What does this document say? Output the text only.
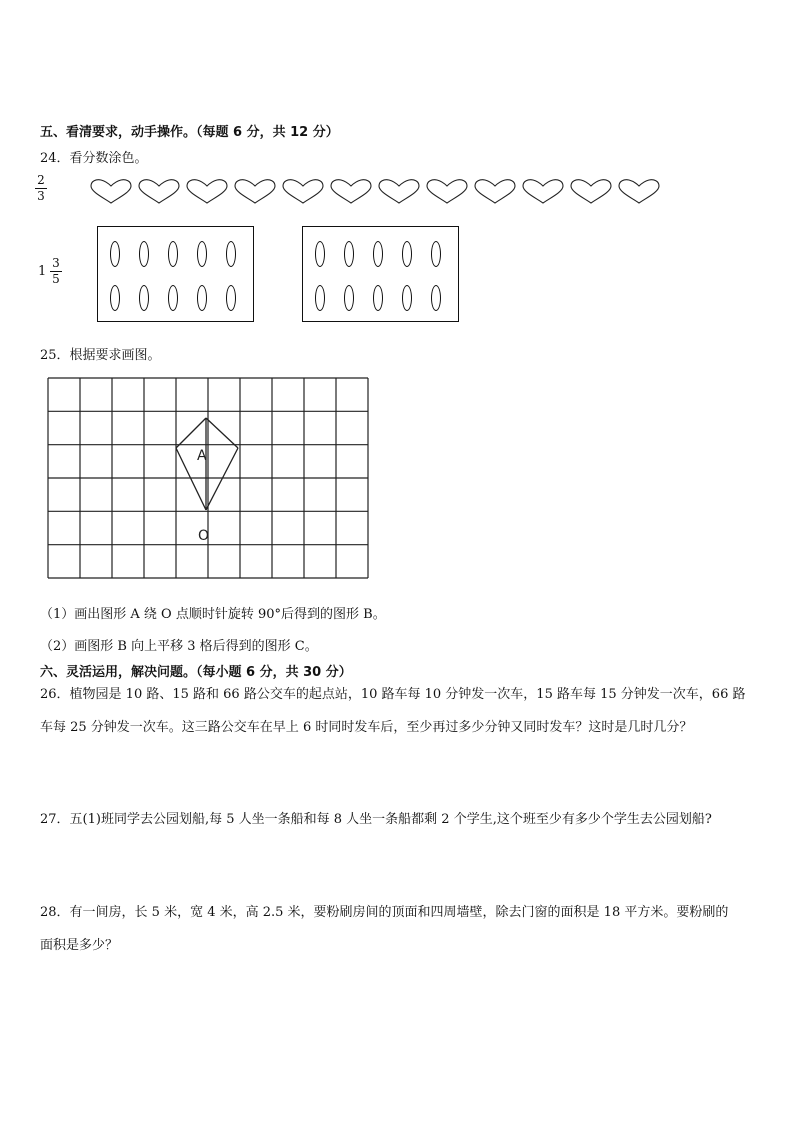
五、看清要求，动手操作。（每题 6 分，共 12 分）
24．看分数涂色。
2
3
1
3
5
25．根据要求画图。
A
O
（1）画出图形 A 绕 O 点顺时针旋转 90°后得到的图形 B。
（2）画图形 B 向上平移 3 格后得到的图形 C。
六、灵活运用，解决问题。（每小题 6 分，共 30 分）
26．植物园是 10 路、15 路和 66 路公交车的起点站，10 路车每 10 分钟发一次车，15 路车每 15 分钟发一次车，66 路
车每 25 分钟发一次车。这三路公交车在早上 6 时同时发车后，至少再过多少分钟又同时发车？这时是几时几分？
27．五(1)班同学去公园划船,每 5 人坐一条船和每 8 人坐一条船都剩 2 个学生,这个班至少有多少个学生去公园划船?
28．有一间房，长 5 米，宽 4 米，高 2.5 米，要粉刷房间的顶面和四周墙壁，除去门窗的面积是 18 平方米。要粉刷的
面积是多少？
